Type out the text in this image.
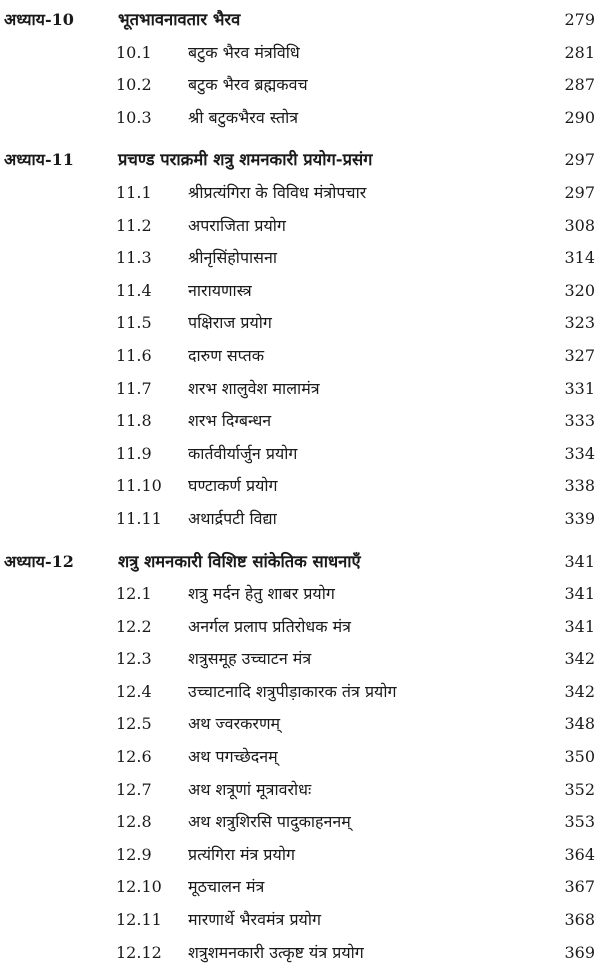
अध्याय-10	भूतभावनावतार भैरव	279
10.1 बटुक भैरव मंत्रविधि	281
10.2 बटुक भैरव ब्रह्मकवच	287
10.3 श्री बटुकभैरव स्तोत्र	290
अध्याय-11	प्रचण्ड पराक्रमी शत्रु शमनकारी प्रयोग-प्रसंग	297
11.1 श्रीप्रत्यंगिरा के विविध मंत्रोपचार	297
11.2 अपराजिता प्रयोग	308
11.3 श्रीनृसिंहोपासना	314
11.4 नारायणास्त्र	320
11.5 पक्षिराज प्रयोग	323
11.6 दारुण सप्तक	327
11.7 शरभ शालुवेश मालामंत्र	331
11.8 शरभ दिग्बन्धन	333
11.9 कार्तवीर्यार्जुन प्रयोग	334
11.10 घण्टाकर्ण प्रयोग	338
11.11 अथार्द्रपटी विद्या	339
अध्याय-12	शत्रु शमनकारी विशिष्ट सांकेतिक साधनाएँ	341
12.1 शत्रु मर्दन हेतु शाबर प्रयोग	341
12.2 अनर्गल प्रलाप प्रतिरोधक मंत्र	341
12.3 शत्रुसमूह उच्चाटन मंत्र	342
12.4 उच्चाटनादि शत्रुपीड़ाकारक तंत्र प्रयोग	342
12.5 अथ ज्वरकरणम्	348
12.6 अथ पगच्छेदनम्	350
12.7 अथ शत्रूणां मूत्रावरोधः	352
12.8 अथ शत्रुशिरसि पादुकाहननम्	353
12.9 प्रत्यंगिरा मंत्र प्रयोग	364
12.10 मूठचालन मंत्र	367
12.11 मारणार्थे भैरवमंत्र प्रयोग	368
12.12 शत्रुशमनकारी उत्कृष्ट यंत्र प्रयोग	369
